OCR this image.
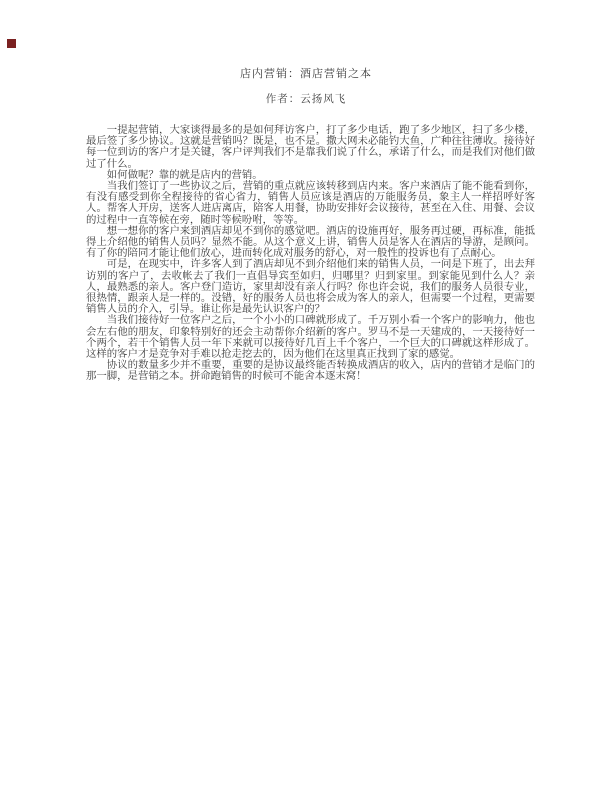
店内营销：酒店营销之本
作者：云扬风飞

一提起营销，大家谈得最多的是如何拜访客户，打了多少电话，跑了多少地区，扫了多少楼，最后签了多少协议。这就是营销吗？既是，也不是。撒大网未必能钓大鱼，广种往往薄收。接待好每一位到访的客户才是关键，客户评判我们不是靠我们说了什么，承诺了什么，而是我们对他们做过了什么。

如何做呢？靠的就是店内的营销。

当我们签订了一些协议之后，营销的重点就应该转移到店内来。客户来酒店了能不能看到你，有没有感受到你全程接待的省心省力，销售人员应该是酒店的万能服务员，象主人一样招呼好客人。帮客人开房，送客人进店离店，陪客人用餐，协助安排好会议接待，甚至在入住、用餐、会议的过程中一直等候在旁，随时等候吩咐，等等。

想一想你的客户来到酒店却见不到你的感觉吧。酒店的设施再好，服务再过硬，再标准，能抵得上介绍他的销售人员吗？显然不能。从这个意义上讲，销售人员是客人在酒店的导游，是顾问。有了你的陪同才能让他们放心，进而转化成对服务的舒心，对一般性的投诉也有了点耐心。

可是，在现实中，许多客人到了酒店却见不到介绍他们来的销售人员，一问是下班了，出去拜访别的客户了，去收帐去了我们一直倡导宾至如归，归哪里？归到家里。到家能见到什么人？亲人，最熟悉的亲人。客户登门造访，家里却没有亲人行吗？你也许会说，我们的服务人员很专业，很热情，跟亲人是一样的。没错，好的服务人员也将会成为客人的亲人，但需要一个过程，更需要销售人员的介入，引导。谁让你是最先认识客户的？

当我们接待好一位客户之后，一个小小的口碑就形成了。千万别小看一个客户的影响力，他也会左右他的朋友，印象特别好的还会主动帮你介绍新的客户。罗马不是一天建成的，一天接待好一个两个，若干个销售人员一年下来就可以接待好几百上千个客户，一个巨大的口碑就这样形成了。这样的客户才是竞争对手难以抢走挖去的，因为他们在这里真正找到了家的感觉。

协议的数量多少并不重要，重要的是协议最终能否转换成酒店的收入，店内的营销才是临门的那一脚，是营销之本。拼命跑销售的时候可不能舍本逐末窝！
